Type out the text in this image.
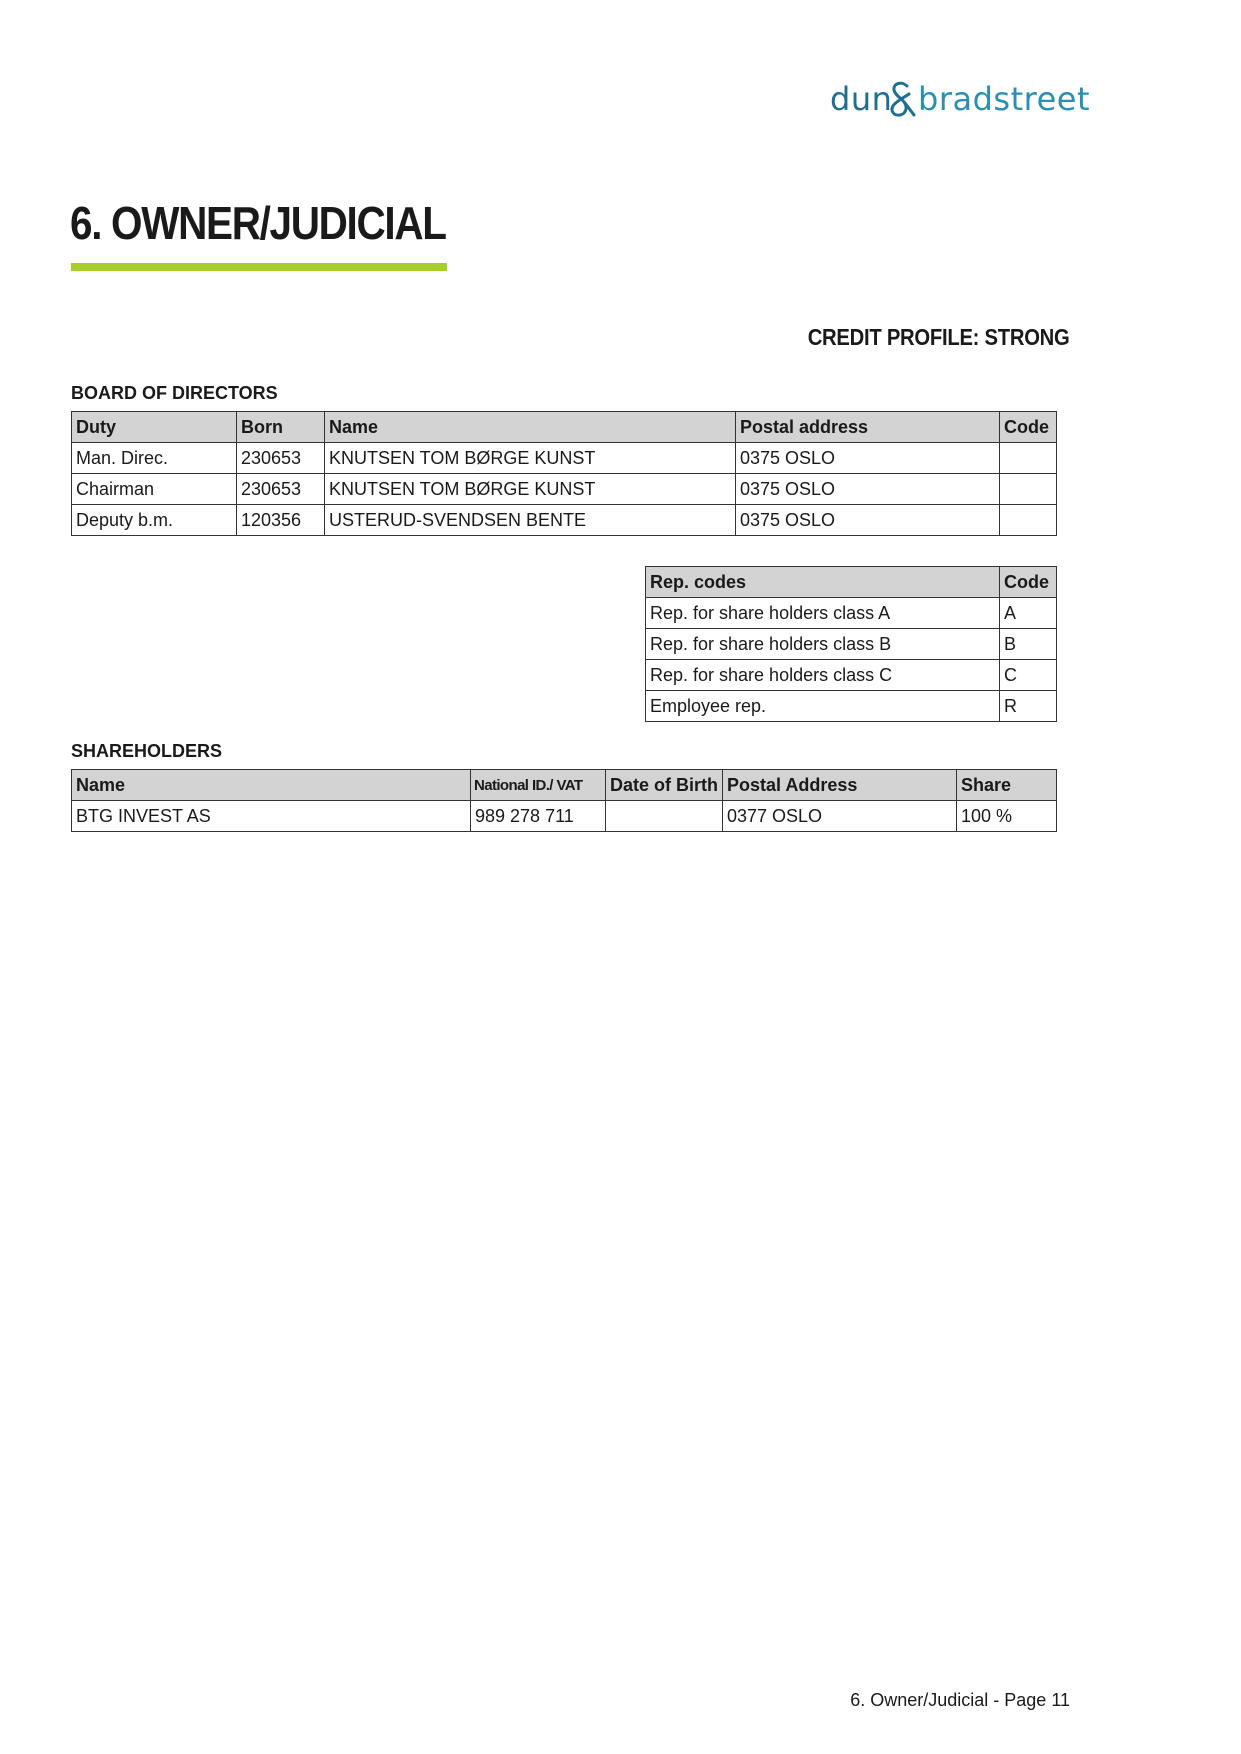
dun bradstreet
6. OWNER/JUDICIAL
CREDIT PROFILE: STRONG
BOARD OF DIRECTORS
Duty	Born	Name	Postal address	Code
Man. Direc.	230653	KNUTSEN TOM BØRGE KUNST	0375 OSLO	
Chairman	230653	KNUTSEN TOM BØRGE KUNST	0375 OSLO	
Deputy b.m.	120356	USTERUD-SVENDSEN BENTE	0375 OSLO	
Rep. codes	Code
Rep. for share holders class A	A
Rep. for share holders class B	B
Rep. for share holders class C	C
Employee rep.	R
SHAREHOLDERS
Name	National ID./ VAT	Date of Birth	Postal Address	Share
BTG INVEST AS	989 278 711		0377 OSLO	100 %
6. Owner/Judicial - Page 11
